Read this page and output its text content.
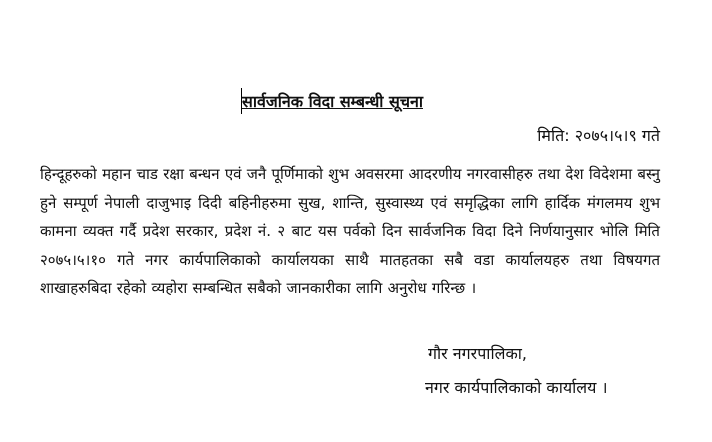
सार्वजनिक विदा सम्बन्धी सूचना
मिति: २०७५।५।९ गते
हिन्दूहरुको महान चाड रक्षा बन्धन एवं जनै पूर्णिमाको शुभ अवसरमा आदरणीय नगरवासीहरु तथा देश विदेशमा बस्नु हुने सम्पूर्ण नेपाली दाजुभाइ दिदी बहिनीहरुमा सुख, शान्ति, सुस्वास्थ्य एवं समृद्धिका लागि हार्दिक मंगलमय शुभ कामना व्यक्त गर्दै प्रदेश सरकार, प्रदेश नं. २ बाट यस पर्वको दिन सार्वजनिक विदा दिने निर्णयानुसार भोलि मिति २०७५।५।१० गते नगर कार्यपालिकाको कार्यालयका साथै मातहतका सबै वडा कार्यालयहरु तथा विषयगत शाखाहरुबिदा रहेको व्यहोरा सम्बन्धित सबैको जानकारीका लागि अनुरोध गरिन्छ ।
गौर नगरपालिका,
नगर कार्यपालिकाको कार्यालय ।
